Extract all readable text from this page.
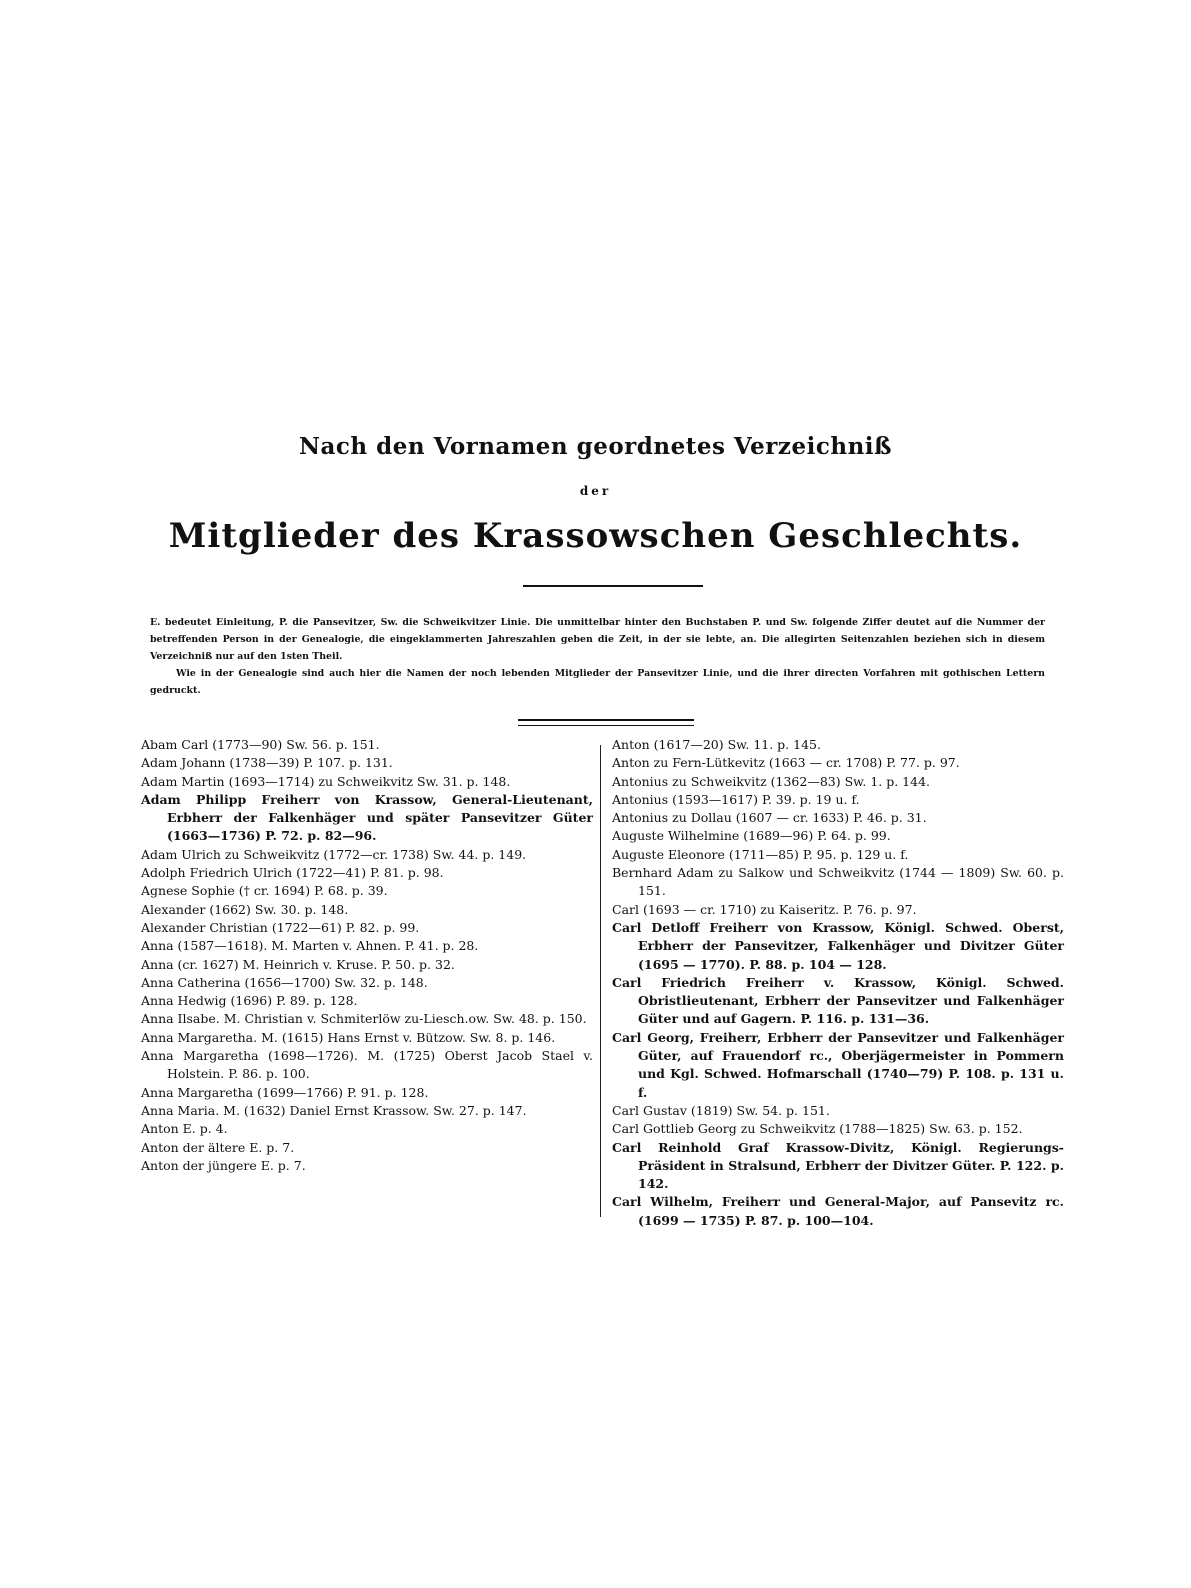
Nach den Vornamen geordnetes Verzeichniß
der
Mitglieder des Krassowschen Geschlechts.

E. bedeutet Einleitung, P. die Pansevitzer, Sw. die Schweikvitzer Linie. Die unmittelbar hinter den Buchstaben P. und Sw. folgende Ziffer deutet auf die Nummer der betreffenden Person in der Genealogie, die eingeklammerten Jahreszahlen geben die Zeit, in der sie lebte, an. Die allegirten Seitenzahlen beziehen sich in diesem Verzeichniß nur auf den 1sten Theil.

Wie in der Genealogie sind auch hier die Namen der noch lebenden Mitglieder der Pansevitzer Linie, und die ihrer directen Vorfahren mit gothischen Lettern gedruckt.

Abam Carl (1773—90) Sw. 56. p. 151.
Adam Johann (1738—39) P. 107. p. 131.
Adam Martin (1693—1714) zu Schweikvitz Sw. 31. p. 148.
Adam Philipp Freiherr von Krassow, General-Lieutenant, Erbherr der Falkenhäger und später Pansevitzer Güter (1663—1736) P. 72. p. 82—96.
Adam Ulrich zu Schweikvitz (1772—cr. 1738) Sw. 44. p. 149.
Adolph Friedrich Ulrich (1722—41) P. 81. p. 98.
Agnese Sophie († cr. 1694) P. 68. p. 39.
Alexander (1662) Sw. 30. p. 148.
Alexander Christian (1722—61) P. 82. p. 99.
Anna (1587—1618). M. Marten v. Ahnen. P. 41. p. 28.
Anna (cr. 1627) M. Heinrich v. Kruse. P. 50. p. 32.
Anna Catherina (1656—1700) Sw. 32. p. 148.
Anna Hedwig (1696) P. 89. p. 128.
Anna Ilsabe. M. Christian v. Schmiterlöw zu-Liesch.ow. Sw. 48. p. 150.
Anna Margaretha. M. (1615) Hans Ernst v. Bützow. Sw. 8. p. 146.
Anna Margaretha (1698—1726). M. (1725) Oberst Jacob Stael v. Holstein. P. 86. p. 100.
Anna Margaretha (1699—1766) P. 91. p. 128.
Anna Maria. M. (1632) Daniel Ernst Krassow. Sw. 27. p. 147.
Anton E. p. 4.
Anton der ältere E. p. 7.
Anton der jüngere E. p. 7.
Anton (1617—20) Sw. 11. p. 145.
Anton zu Fern-Lütkevitz (1663 — cr. 1708) P. 77. p. 97.
Antonius zu Schweikvitz (1362—83) Sw. 1. p. 144.
Antonius (1593—1617) P. 39. p. 19 u. f.
Antonius zu Dollau (1607 — cr. 1633) P. 46. p. 31.
Auguste Wilhelmine (1689—96) P. 64. p. 99.
Auguste Eleonore (1711—85) P. 95. p. 129 u. f.
Bernhard Adam zu Salkow und Schweikvitz (1744 — 1809) Sw. 60. p. 151.
Carl (1693 — cr. 1710) zu Kaiseritz. P. 76. p. 97.
Carl Detloff Freiherr von Krassow, Königl. Schwed. Oberst, Erbherr der Pansevitzer, Falkenhäger und Divitzer Güter (1695 — 1770). P. 88. p. 104 — 128.
Carl Friedrich Freiherr v. Krassow, Königl. Schwed. Obristlieutenant, Erbherr der Pansevitzer und Falkenhäger Güter und auf Gagern. P. 116. p. 131—36.
Carl Georg, Freiherr, Erbherr der Pansevitzer und Falkenhäger Güter, auf Frauendorf rc., Oberjägermeister in Pommern und Kgl. Schwed. Hofmarschall (1740—79) P. 108. p. 131 u. f.
Carl Gustav (1819) Sw. 54. p. 151.
Carl Gottlieb Georg zu Schweikvitz (1788—1825) Sw. 63. p. 152.
Carl Reinhold Graf Krassow-Divitz, Königl. Regierungs-Präsident in Stralsund, Erbherr der Divitzer Güter. P. 122. p. 142.
Carl Wilhelm, Freiherr und General-Major, auf Pansevitz rc. (1699 — 1735) P. 87. p. 100—104.
